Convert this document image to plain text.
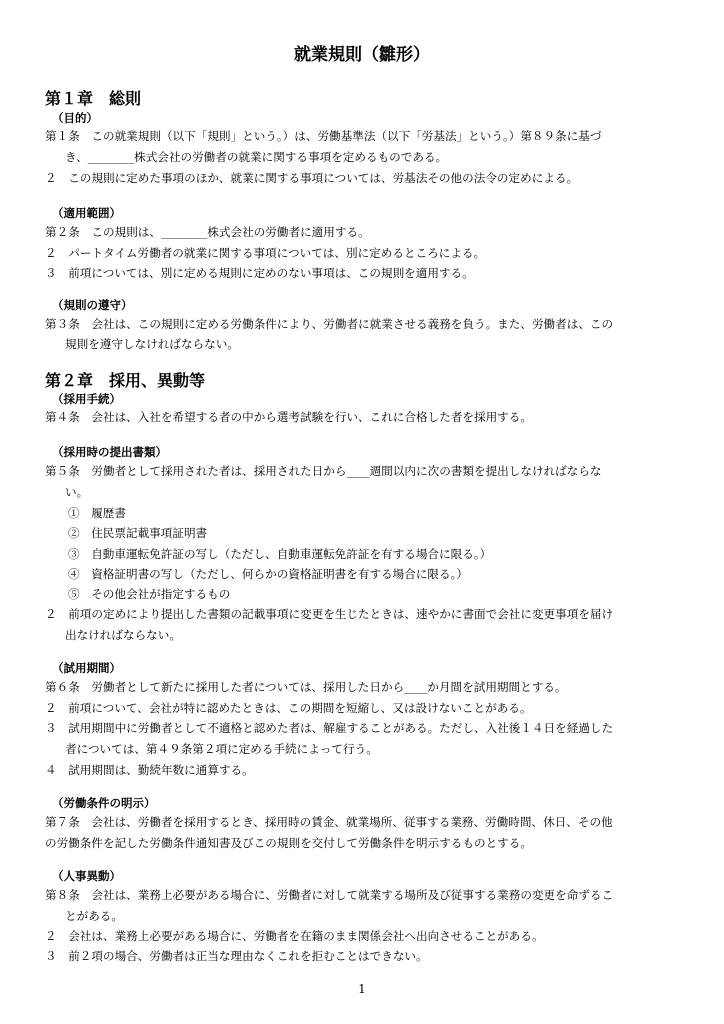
就業規則（雛形）
第１章　総則
（目的）
第１条　この就業規則（以下「規則」という。）は、労働基準法（以下「労基法」という。）第８９条に基づ
き、________株式会社の労働者の就業に関する事項を定めるものである。
２　この規則に定めた事項のほか、就業に関する事項については、労基法その他の法令の定めによる。
（適用範囲）
第２条　この規則は、________株式会社の労働者に適用する。
２　パートタイム労働者の就業に関する事項については、別に定めるところによる。
３　前項については、別に定める規則に定めのない事項は、この規則を適用する。
（規則の遵守）
第３条　会社は、この規則に定める労働条件により、労働者に就業させる義務を負う。また、労働者は、この
規則を遵守しなければならない。
第２章　採用、異動等
（採用手続）
第４条　会社は、入社を希望する者の中から選考試験を行い、これに合格した者を採用する。
（採用時の提出書類）
第５条　労働者として採用された者は、採用された日から____週間以内に次の書類を提出しなければならな
い。
①　履歴書
②　住民票記載事項証明書
③　自動車運転免許証の写し（ただし、自動車運転免許証を有する場合に限る。）
④　資格証明書の写し（ただし、何らかの資格証明書を有する場合に限る。）
⑤　その他会社が指定するもの
２　前項の定めにより提出した書類の記載事項に変更を生じたときは、速やかに書面で会社に変更事項を届け
出なければならない。
（試用期間）
第６条　労働者として新たに採用した者については、採用した日から____か月間を試用期間とする。
２　前項について、会社が特に認めたときは、この期間を短縮し、又は設けないことがある。
３　試用期間中に労働者として不適格と認めた者は、解雇することがある。ただし、入社後１４日を経過した
者については、第４９条第２項に定める手続によって行う。
４　試用期間は、勤続年数に通算する。
（労働条件の明示）
第７条　会社は、労働者を採用するとき、採用時の賃金、就業場所、従事する業務、労働時間、休日、その他
の労働条件を記した労働条件通知書及びこの規則を交付して労働条件を明示するものとする。
（人事異動）
第８条　会社は、業務上必要がある場合に、労働者に対して就業する場所及び従事する業務の変更を命ずるこ
とがある。
２　会社は、業務上必要がある場合に、労働者を在籍のまま関係会社へ出向させることがある。
３　前２項の場合、労働者は正当な理由なくこれを拒むことはできない。
1
